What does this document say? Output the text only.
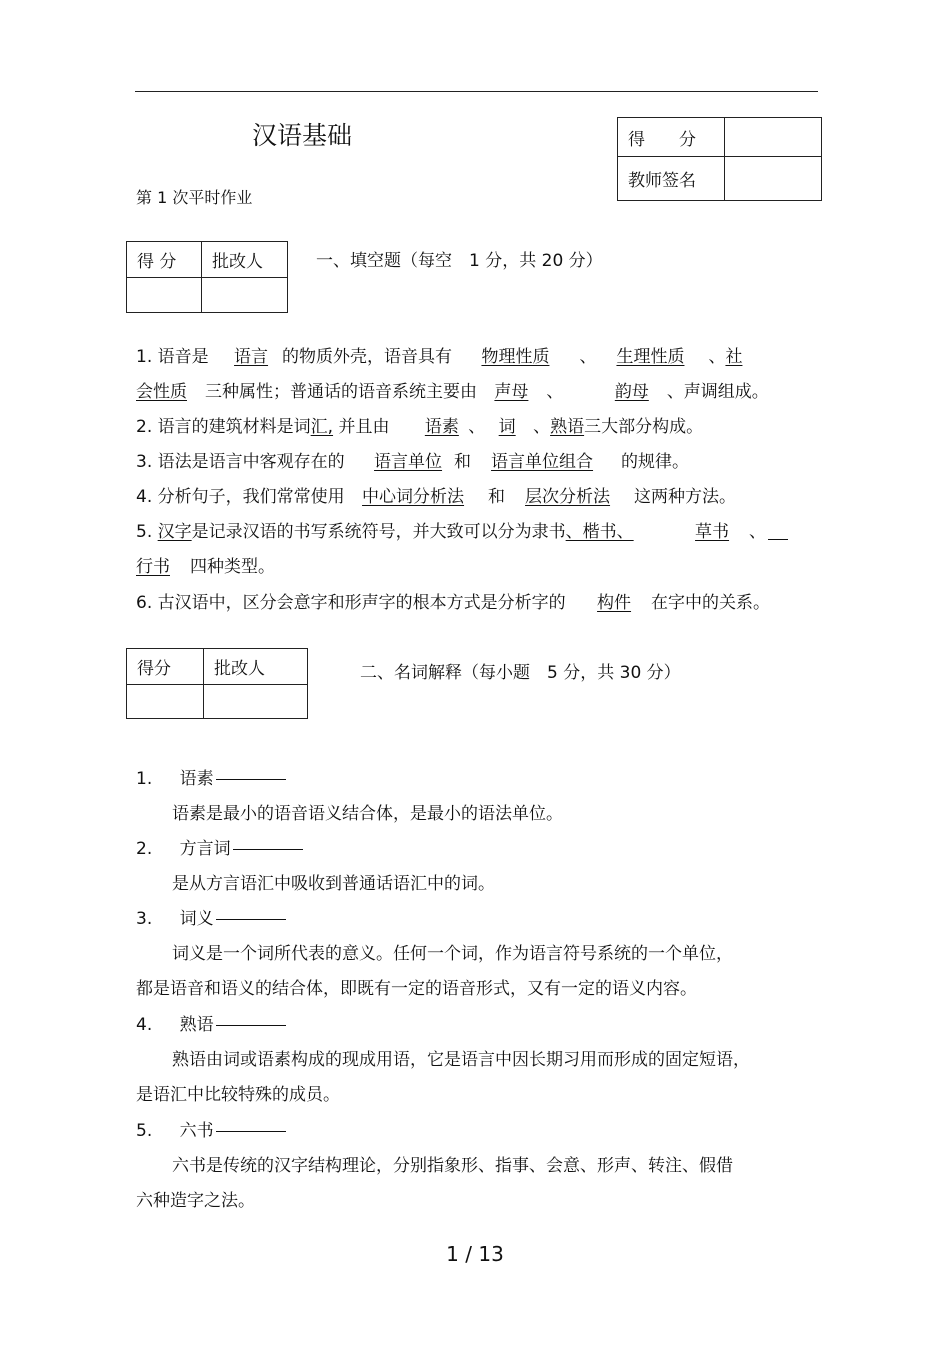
汉语基础
第 1 次平时作业
得　　分	
教师签名	
得 分	批改人
		一、填空题（每空　1 分，共 20 分）
1. 语音是 语言 的物质外壳，语音具有 物理性质 、 生理性质 、社
会性质 三种属性；普通话的语音系统主要由 声母 、	韵母 、声调组成。
2. 语言的建筑材料是词汇, 并且由 语素 、 词 、熟语三大部分构成。
3. 语法是语言中客观存在的 语言单位 和 语言单位组合 的规律。
4. 分析句子，我们常常使用 中心词分析法 和 层次分析法 这两种方法。
5. 汉字是记录汉语的书写系统符号，并大致可以分为隶书、楷书、	草书 、
行书 四种类型。
6. 古汉语中，区分会意字和形声字的根本方式是分析字的 构件 在字中的关系。
得分	批改人
		二、名词解释（每小题　5 分，共 30 分）
1. 语素
语素是最小的语音语义结合体，是最小的语法单位。
2. 方言词
是从方言语汇中吸收到普通话语汇中的词。
3. 词义
词义是一个词所代表的意义。任何一个词，作为语言符号系统的一个单位，
都是语音和语义的结合体，即既有一定的语音形式，又有一定的语义内容。
4. 熟语
熟语由词或语素构成的现成用语，它是语言中因长期习用而形成的固定短语，
是语汇中比较特殊的成员。
5. 六书
六书是传统的汉字结构理论，分别指象形、指事、会意、形声、转注、假借
六种造字之法。
1 / 13
